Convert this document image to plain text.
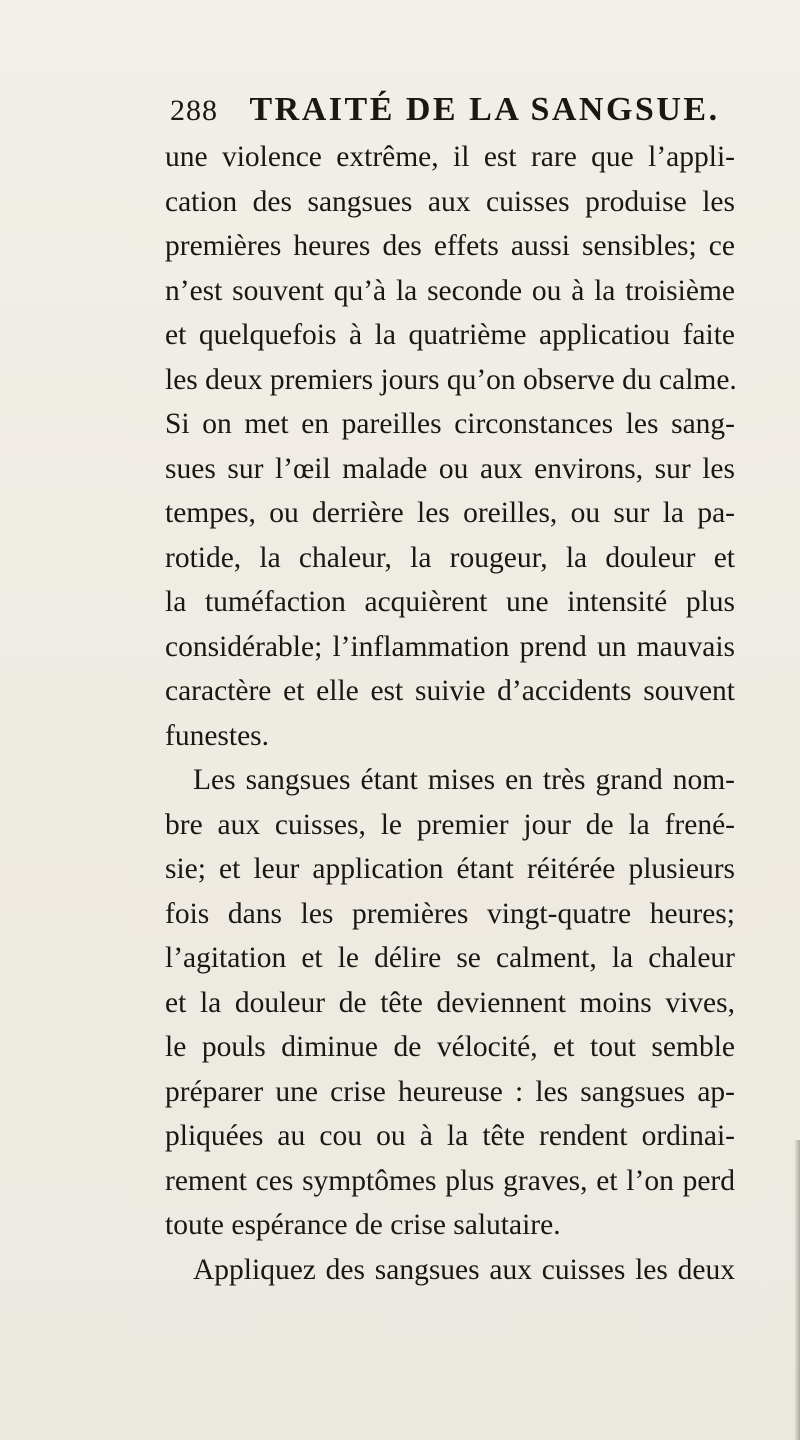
288 TRAITÉ DE LA SANGSUE.
une violence extrême, il est rare que l’appli-
cation des sangsues aux cuisses produise les
premières heures des effets aussi sensibles; ce
n’est souvent qu’à la seconde ou à la troisième
et quelquefois à la quatrième applicatiou faite
les deux premiers jours qu’on observe du calme.
Si on met en pareilles circonstances les sang-
sues sur l’œil malade ou aux environs, sur les
tempes, ou derrière les oreilles, ou sur la pa-
rotide, la chaleur, la rougeur, la douleur et
la tuméfaction acquièrent une intensité plus
considérable; l’inflammation prend un mauvais
caractère et elle est suivie d’accidents souvent
funestes.
Les sangsues étant mises en très grand nom-
bre aux cuisses, le premier jour de la frené-
sie; et leur application étant réitérée plusieurs
fois dans les premières vingt-quatre heures;
l’agitation et le délire se calment, la chaleur
et la douleur de tête deviennent moins vives,
le pouls diminue de vélocité, et tout semble
préparer une crise heureuse : les sangsues ap-
pliquées au cou ou à la tête rendent ordinai-
rement ces symptômes plus graves, et l’on perd
toute espérance de crise salutaire.
Appliquez des sangsues aux cuisses les deux
